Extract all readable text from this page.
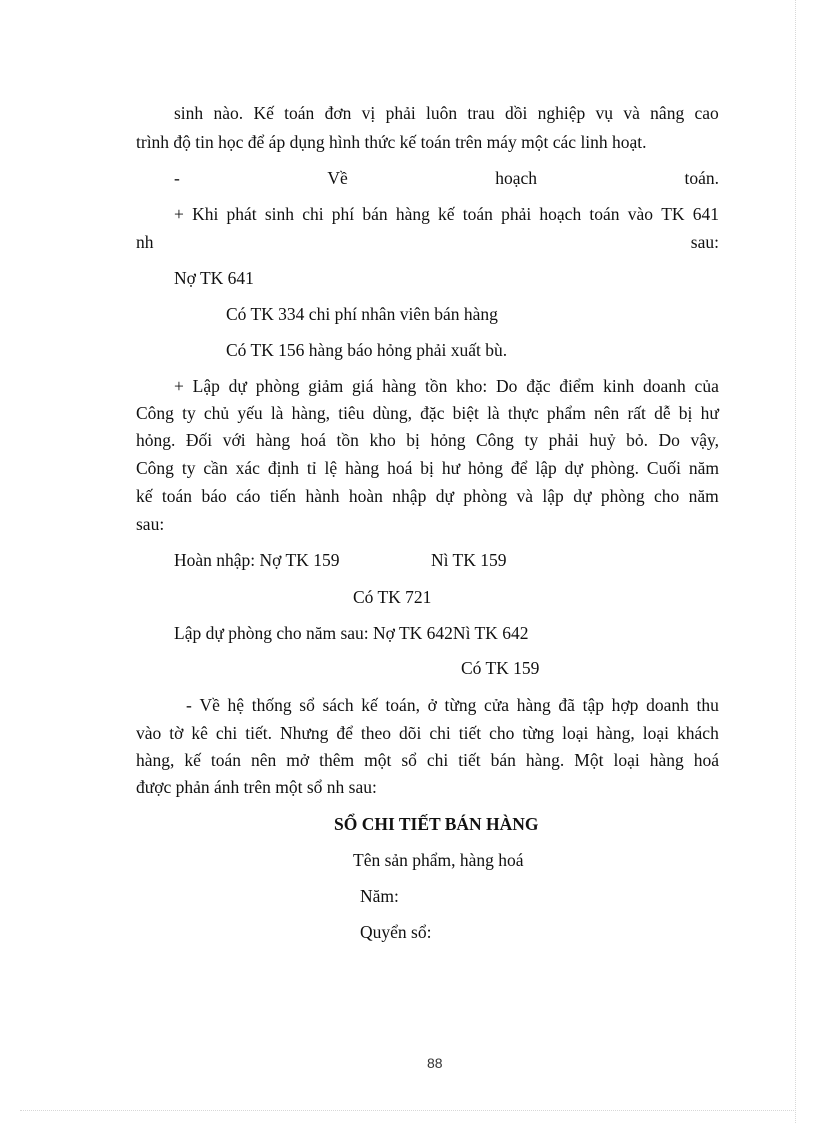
sinh nào. Kế toán đơn vị phải luôn trau dồi nghiệp vụ và nâng cao
trình độ tin học để áp dụng hình thức kế toán trên máy một các linh hoạt.
-	Về	hoạch	toán.
+ Khi phát sinh chi phí bán hàng kế toán phải hoạch toán vào TK 641
nh	sau:
Nợ TK 641
Có TK 334 chi phí nhân viên bán hàng
Có TK 156 hàng báo hỏng phải xuất bù.
+ Lập dự phòng giảm giá hàng tồn kho: Do đặc điểm kinh doanh của
Công ty chủ yếu là hàng, tiêu dùng, đặc biệt là thực phẩm nên rất dễ bị hư
hỏng. Đối với hàng hoá tồn kho bị hỏng Công ty phải huỷ bỏ. Do vậy,
Công ty cần xác định tỉ lệ hàng hoá bị hư hỏng để lập dự phòng. Cuối năm
kế toán báo cáo tiến hành hoàn nhập dự phòng và lập dự phòng cho năm
sau:
Hoàn nhập: Nợ TK 159	Nì TK 159
Có TK 721
Lập dự phòng cho năm sau: Nợ TK 642Nì TK 642
Có TK 159
- Về hệ thống sổ sách kế toán, ở từng cửa hàng đã tập hợp doanh thu
vào tờ kê chi tiết. Nhưng để theo dõi chi tiết cho từng loại hàng, loại khách
hàng, kế toán nên mở thêm một sổ chi tiết bán hàng. Một loại hàng hoá
được phản ánh trên một sổ nh sau:
SỔ CHI TIẾT BÁN HÀNG
Tên sản phẩm, hàng hoá
Năm:
Quyển sổ:
88
